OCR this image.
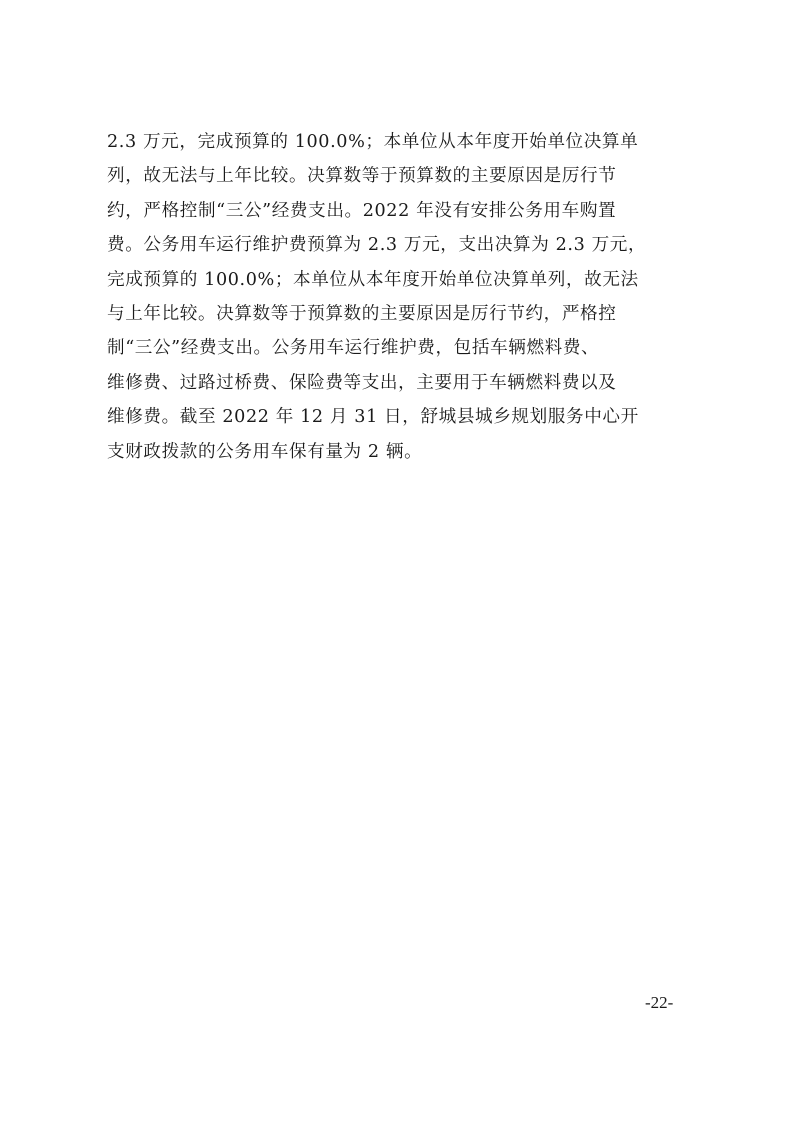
2.3 万元，完成预算的 100.0%；本单位从本年度开始单位决算单
列，故无法与上年比较。决算数等于预算数的主要原因是厉行节
约，严格控制“三公”经费支出。2022 年没有安排公务用车购置
费。公务用车运行维护费预算为 2.3 万元，支出决算为 2.3 万元，
完成预算的 100.0%；本单位从本年度开始单位决算单列，故无法
与上年比较。决算数等于预算数的主要原因是厉行节约，严格控
制“三公”经费支出。公务用车运行维护费，包括车辆燃料费、
维修费、过路过桥费、保险费等支出，主要用于车辆燃料费以及
维修费。截至 2022 年 12 月 31 日，舒城县城乡规划服务中心开
支财政拨款的公务用车保有量为 2 辆。
-22-
